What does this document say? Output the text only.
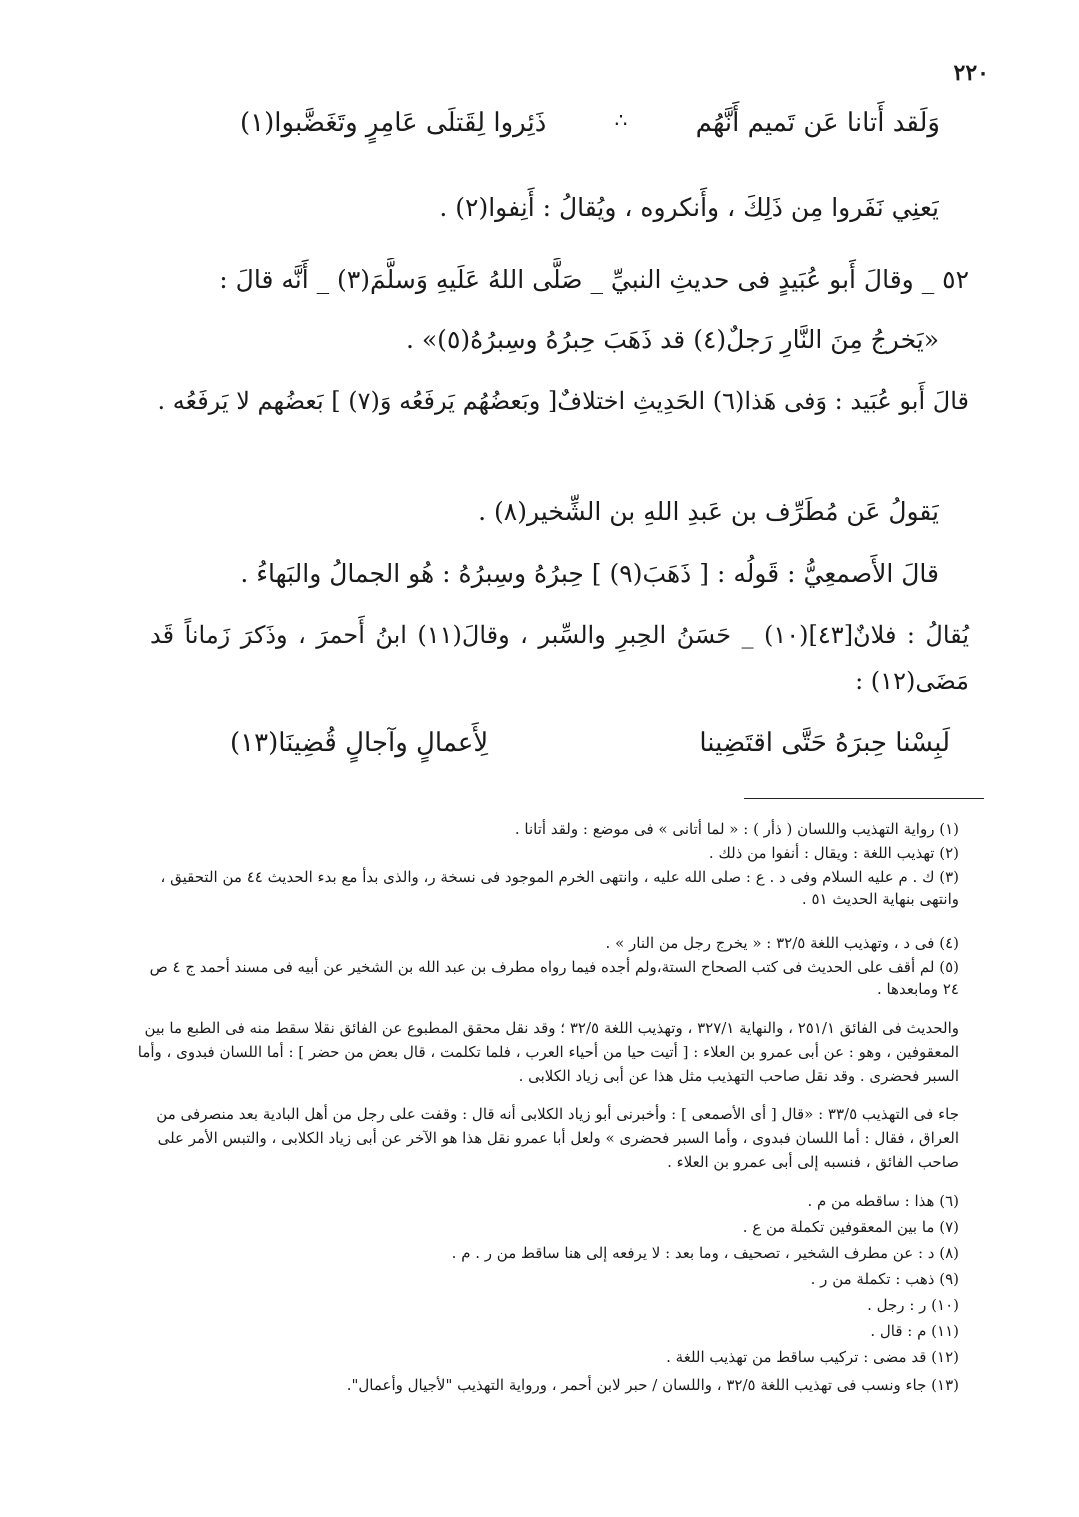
٢٢٠
وَلَقد أَتانا عَن تَميم أَنَّهُم
∴
ذَئِروا لِقَتلَى عَامِرٍ وتَغَضَّبوا(١)
يَعنِي نَفَروا مِن ذَلِكَ ، وأَنكروه ، ويُقالُ : أَنِفوا(٢) .
٥٢ _ وقالَ أَبو عُبَيدٍ فى حديثِ النبيِّ _ صَلَّى اللهُ عَلَيهِ وَسلَّمَ(٣) _ أَنَّه قالَ :
«يَخرجُ مِنَ النَّارِ رَجلٌ(٤) قد ذَهَبَ حِبرُهُ وسِبرُهُ(٥)» .
قالَ أَبو عُبَيد : وَفى هَذا(٦) الحَدِيثِ اختلافٌ[ وبَعضُهُم يَرفَعُه وَ(٧) ] بَعضُهم لا يَرفَعُه .
يَقولُ عَن مُطَرِّف بن عَبدِ اللهِ بن الشِّخير(٨) .
قالَ الأَصمعِيُّ : قَولُه : [ ذَهَبَ(٩) ] حِبرُهُ وسِبرُهُ : هُو الجمالُ والبَهاءُ .
يُقالُ : فلانٌ[٤٣](١٠) _ حَسَنُ الحِبرِ والسِّبر ، وقالَ(١١) ابنُ أَحمرَ ، وذَكرَ زَماناً قَد مَضَى(١٢) :
لَبِسْنا حِبرَهُ حَتَّى اقتَضِينا
لِأَعمالٍ وآجالٍ قُضِينَا(١٣)
(١) رواية التهذيب واللسان ( ذأر ) : « لما أتانى » فى موضع : ولقد أتانا .
(٢) تهذيب اللغة : ويقال : أنفوا من ذلك .
(٣) ك . م عليه السلام وفى د . ع : صلى الله عليه ، وانتهى الخرم الموجود فى نسخة ر، والذى بدأ مع بدء الحديث ٤٤ من التحقيق ، وانتهى بنهاية الحديث ٥١ .
(٤) فى د ، وتهذيب اللغة ٣٢/٥ : « يخرج رجل من النار » .
(٥) لم أقف على الحديث فى كتب الصحاح الستة،ولم أجده فيما رواه مطرف بن عبد الله بن الشخير عن أبيه فى مسند أحمد ج ٤ ص ٢٤ ومابعدها .
والحديث فى الفائق ٢٥١/١ ، والنهاية ٣٢٧/١ ، وتهذيب اللغة ٣٢/٥ ؛ وقد نقل محقق المطبوع عن الفائق نقلا سقط منه فى الطبع ما بين المعقوفين ، وهو : عن أبى عمرو بن العلاء : [ أتيت حيا من أحياء العرب ، فلما تكلمت ، قال بعض من حضر ] : أما اللسان فبدوى ، وأما السبر فحضرى . وقد نقل صاحب التهذيب مثل هذا عن أبى زياد الكلابى .
جاء فى التهذيب ٣٣/٥ : «قال [ أى الأصمعى ] : وأخبرنى أبو زياد الكلابى أنه قال : وقفت على رجل من أهل البادية بعد منصرفى من العراق ، فقال : أما اللسان فبدوى ، وأما السبر فحضرى » ولعل أبا عمرو نقل هذا هو الآخر عن أبى زياد الكلابى ، والتبس الأمر على صاحب الفائق ، فنسبه إلى أبى عمرو بن العلاء .
(٦) هذا : ساقطه من م .
(٧) ما بين المعقوفين تكملة من ع .
(٨) د : عن مطرف الشخير ، تصحيف ، وما بعد : لا يرفعه إلى هنا ساقط من ر . م .
(٩) ذهب : تكملة من ر .
(١٠) ر : رجل .
(١١) م : قال .
(١٢) قد مضى : تركيب ساقط من تهذيب اللغة .
(١٣) جاء ونسب فى تهذيب اللغة ٣٢/٥ ، واللسان / حبر لابن أحمر ، ورواية التهذيب "لأجيال وأعمال".
